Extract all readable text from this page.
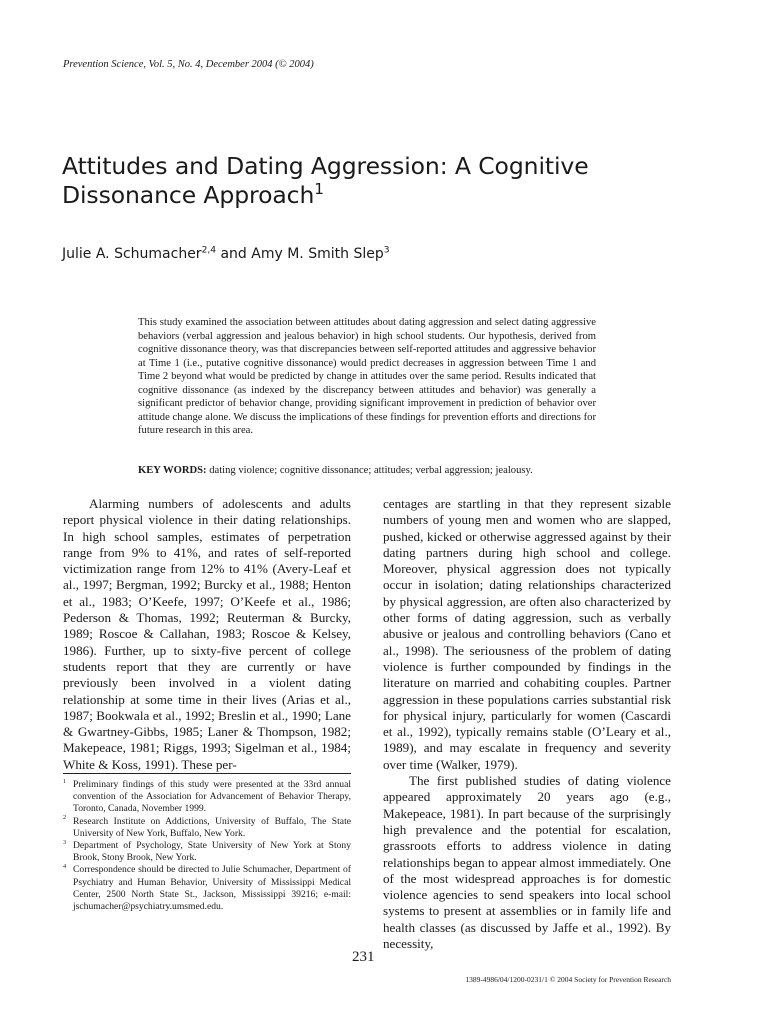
Prevention Science, Vol. 5, No. 4, December 2004 (© 2004)
Attitudes and Dating Aggression: A Cognitive Dissonance Approach$^1$
Julie A. Schumacher$^{2,4}$ and Amy M. Smith Slep$^3$

This study examined the association between attitudes about dating aggression and select dating aggressive behaviors (verbal aggression and jealous behavior) in high school students. Our hypothesis, derived from cognitive dissonance theory, was that discrepancies between self-reported attitudes and aggressive behavior at Time 1 (i.e., putative cognitive dissonance) would predict decreases in aggression between Time 1 and Time 2 beyond what would be predicted by change in attitudes over the same period. Results indicated that cognitive dissonance (as indexed by the discrepancy between attitudes and behavior) was generally a significant predictor of behavior change, providing significant improvement in prediction of behavior over attitude change alone. We discuss the implications of these findings for prevention efforts and directions for future research in this area.

KEY WORDS: dating violence; cognitive dissonance; attitudes; verbal aggression; jealousy.

Alarming numbers of adolescents and adults report physical violence in their dating relationships. In high school samples, estimates of perpetration range from 9% to 41%, and rates of self-reported victimization range from 12% to 41% (Avery-Leaf et al., 1997; Bergman, 1992; Burcky et al., 1988; Henton et al., 1983; O’Keefe, 1997; O’Keefe et al., 1986; Pederson & Thomas, 1992; Reuterman & Burcky, 1989; Roscoe & Callahan, 1983; Roscoe & Kelsey, 1986). Further, up to sixty-five percent of college students report that they are currently or have previously been involved in a violent dating relationship at some time in their lives (Arias et al., 1987; Bookwala et al., 1992; Breslin et al., 1990; Lane & Gwartney-Gibbs, 1985; Laner & Thompson, 1982; Makepeace, 1981; Riggs, 1993; Sigelman et al., 1984; White & Koss, 1991). These per-

centages are startling in that they represent sizable numbers of young men and women who are slapped, pushed, kicked or otherwise aggressed against by their dating partners during high school and college. Moreover, physical aggression does not typically occur in isolation; dating relationships characterized by physical aggression, are often also characterized by other forms of dating aggression, such as verbally abusive or jealous and controlling behaviors (Cano et al., 1998). The seriousness of the problem of dating violence is further compounded by findings in the literature on married and cohabiting couples. Partner aggression in these populations carries substantial risk for physical injury, particularly for women (Cascardi et al., 1992), typically remains stable (O’Leary et al., 1989), and may escalate in frequency and severity over time (Walker, 1979).

The first published studies of dating violence appeared approximately 20 years ago (e.g., Makepeace, 1981). In part because of the surprisingly high prevalence and the potential for escalation, grassroots efforts to address violence in dating relationships began to appear almost immediately. One of the most widespread approaches is for domestic violence agencies to send speakers into local school systems to present at assemblies or in family life and health classes (as discussed by Jaffe et al., 1992). By necessity,

$^1$ Preliminary findings of this study were presented at the 33rd annual convention of the Association for Advancement of Behavior Therapy, Toronto, Canada, November 1999.

$^2$ Research Institute on Addictions, University of Buffalo, The State University of New York, Buffalo, New York.

$^3$ Department of Psychology, State University of New York at Stony Brook, Stony Brook, New York.

$^4$ Correspondence should be directed to Julie Schumacher, Department of Psychiatry and Human Behavior, University of Mississippi Medical Center, 2500 North State St., Jackson, Mississippi 39216; e-mail: jschumacher@psychiatry.umsmed.edu.

231
1389-4986/04/1200-0231/1 © 2004 Society for Prevention Research
